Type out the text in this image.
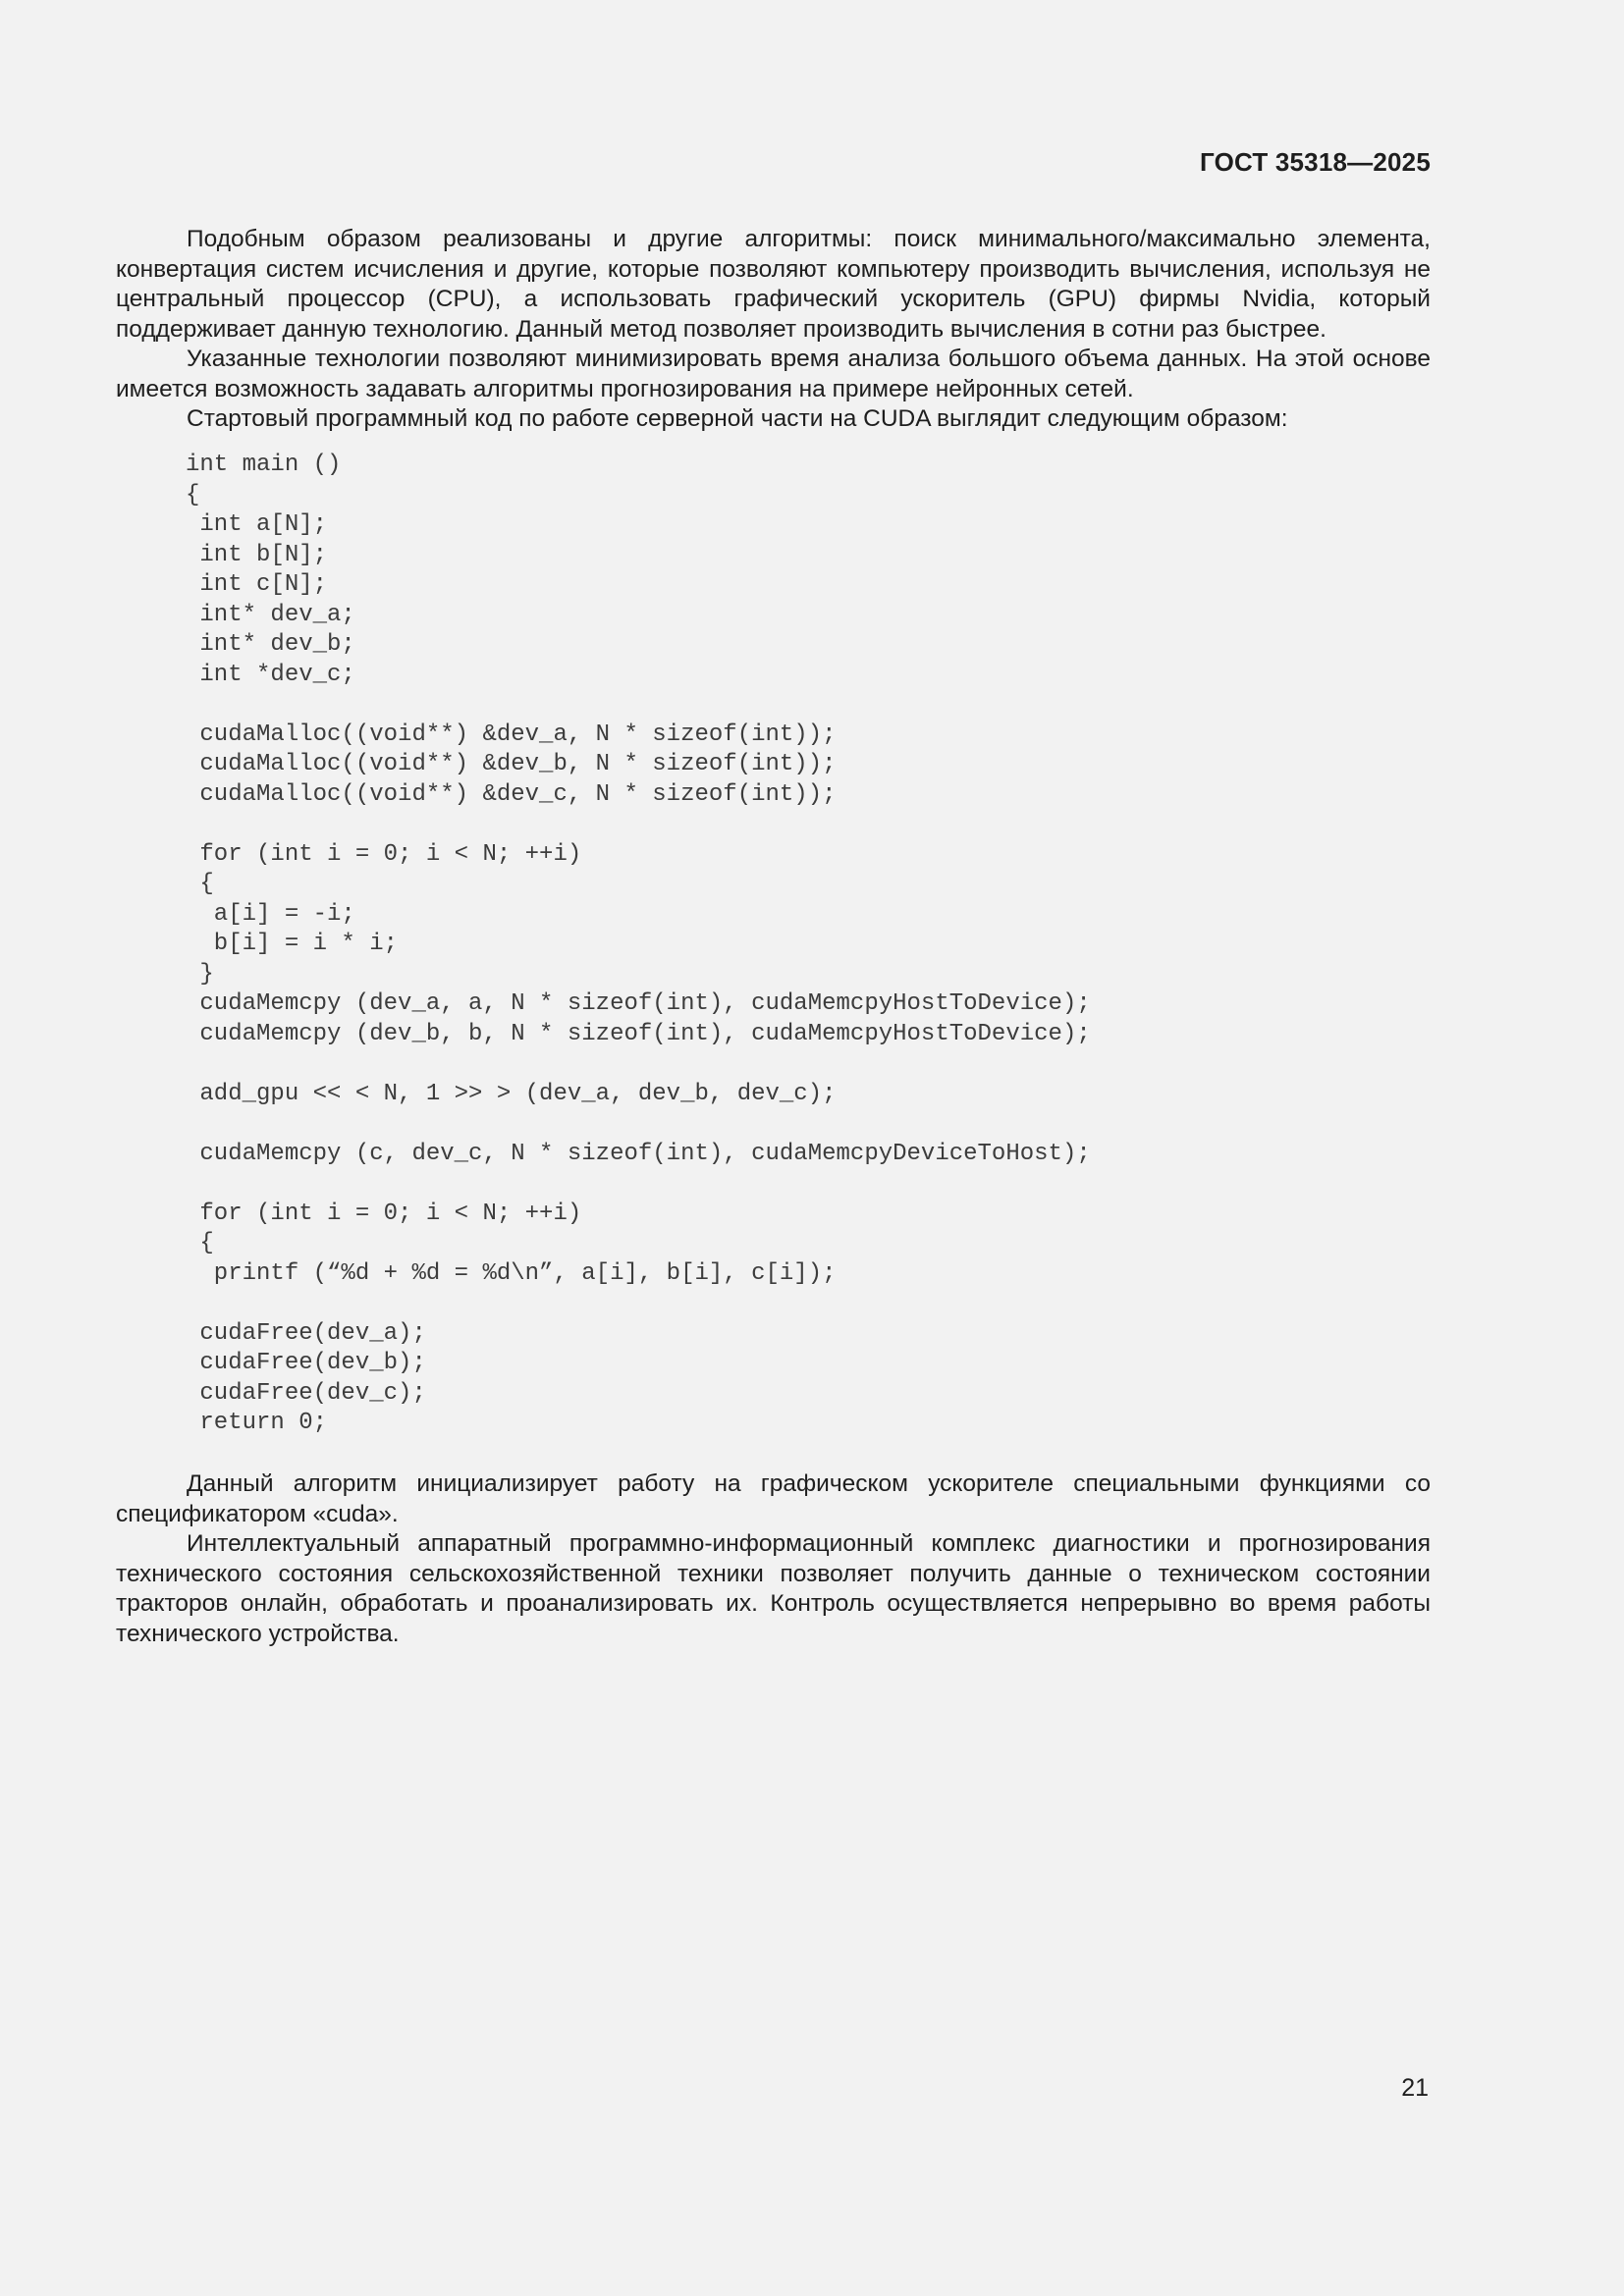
ГОСТ 35318—2025

Подобным образом реализованы и другие алгоритмы: поиск минимального/максимально элемента, конвертация систем исчисления и другие, которые позволяют компьютеру производить вычисления, используя не центральный процессор (CPU), а использовать графический ускоритель (GPU) фирмы Nvidia, который поддерживает данную технологию. Данный метод позволяет производить вычисления в сотни раз быстрее.

Указанные технологии позволяют минимизировать время анализа большого объема данных. На этой основе имеется возможность задавать алгоритмы прогнозирования на примере нейронных сетей.

Стартовый программный код по работе серверной части на CUDA выглядит следующим образом:

int main ()
{
int a[N];
int b[N];
int c[N];
int* dev_a;
int* dev_b;
int *dev_c;

cudaMalloc((void**) &dev_a, N * sizeof(int));
cudaMalloc((void**) &dev_b, N * sizeof(int));
cudaMalloc((void**) &dev_c, N * sizeof(int));

for (int i = 0; i < N; ++i)
{
a[i] = -i;
b[i] = i * i;
}
cudaMemcpy (dev_a, a, N * sizeof(int), cudaMemcpyHostToDevice);
cudaMemcpy (dev_b, b, N * sizeof(int), cudaMemcpyHostToDevice);

add_gpu << < N, 1 >> > (dev_a, dev_b, dev_c);

cudaMemcpy (c, dev_c, N * sizeof(int), cudaMemcpyDeviceToHost);

for (int i = 0; i < N; ++i)
{
printf (“%d + %d = %d\n”, a[i], b[i], c[i]);

cudaFree(dev_a);
cudaFree(dev_b);
cudaFree(dev_c);
return 0;

Данный алгоритм инициализирует работу на графическом ускорителе специальными функциями со спецификатором «cuda».

Интеллектуальный аппаратный программно-информационный комплекс диагностики и прогнозирования технического состояния сельскохозяйственной техники позволяет получить данные о техническом состоянии тракторов онлайн, обработать и проанализировать их. Контроль осуществляется непрерывно во время работы технического устройства.

21
